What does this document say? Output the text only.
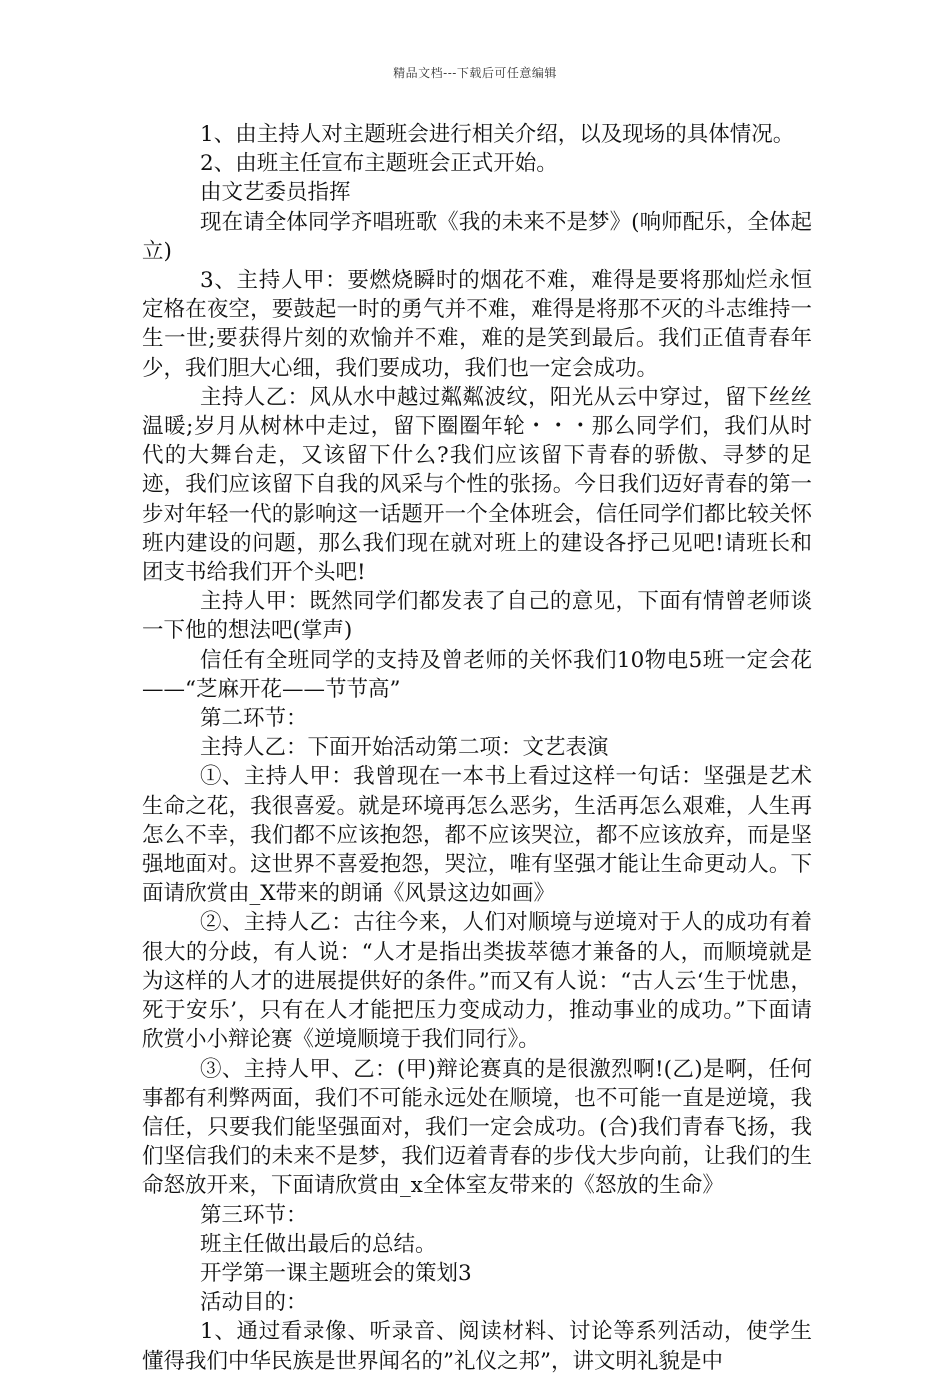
精品文档---下载后可任意编辑

1、由主持人对主题班会进行相关介绍，以及现场的具体情况。

2、由班主任宣布主题班会正式开始。

由文艺委员指挥

现在请全体同学齐唱班歌《我的未来不是梦》(响师配乐，全体起立)

3、主持人甲：要燃烧瞬时的烟花不难，难得是要将那灿烂永恒定格在夜空，要鼓起一时的勇气并不难，难得是将那不灭的斗志维持一生一世;要获得片刻的欢愉并不难，难的是笑到最后。我们正值青春年少，我们胆大心细，我们要成功，我们也一定会成功。

主持人乙：风从水中越过粼粼波纹，阳光从云中穿过，留下丝丝温暖;岁月从树林中走过，留下圈圈年轮・・・那么同学们，我们从时代的大舞台走，又该留下什么?我们应该留下青春的骄傲、寻梦的足迹，我们应该留下自我的风采与个性的张扬。今日我们迈好青春的第一步对年轻一代的影响这一话题开一个全体班会，信任同学们都比较关怀班内建设的问题，那么我们现在就对班上的建设各抒己见吧!请班长和团支书给我们开个头吧!

主持人甲：既然同学们都发表了自己的意见，下面有情曾老师谈一下他的想法吧(掌声)

信任有全班同学的支持及曾老师的关怀我们10物电5班一定会花——“芝麻开花——节节高”

第二环节：

主持人乙：下面开始活动第二项：文艺表演

①、主持人甲：我曾现在一本书上看过这样一句话：坚强是艺术生命之花，我很喜爱。就是环境再怎么恶劣，生活再怎么艰难，人生再怎么不幸，我们都不应该抱怨，都不应该哭泣，都不应该放弃，而是坚强地面对。这世界不喜爱抱怨，哭泣，唯有坚强才能让生命更动人。下面请欣赏由_X带来的朗诵《风景这边如画》

②、主持人乙：古往今来，人们对顺境与逆境对于人的成功有着很大的分歧，有人说：“人才是指出类拔萃德才兼备的人，而顺境就是为这样的人才的进展提供好的条件。”而又有人说：“古人云‘生于忧患，死于安乐’，只有在人才能把压力变成动力，推动事业的成功。”下面请欣赏小小辩论赛《逆境顺境于我们同行》。

③、主持人甲、乙：(甲)辩论赛真的是很激烈啊!(乙)是啊，任何事都有利弊两面，我们不可能永远处在顺境，也不可能一直是逆境，我信任，只要我们能坚强面对，我们一定会成功。(合)我们青春飞扬，我们坚信我们的未来不是梦，我们迈着青春的步伐大步向前，让我们的生命怒放开来，下面请欣赏由_x全体室友带来的《怒放的生命》

第三环节：

班主任做出最后的总结。

开学第一课主题班会的策划3

活动目的：

1、通过看录像、听录音、阅读材料、讨论等系列活动，使学生懂得我们中华民族是世界闻名的”礼仪之邦”，讲文明礼貌是中
